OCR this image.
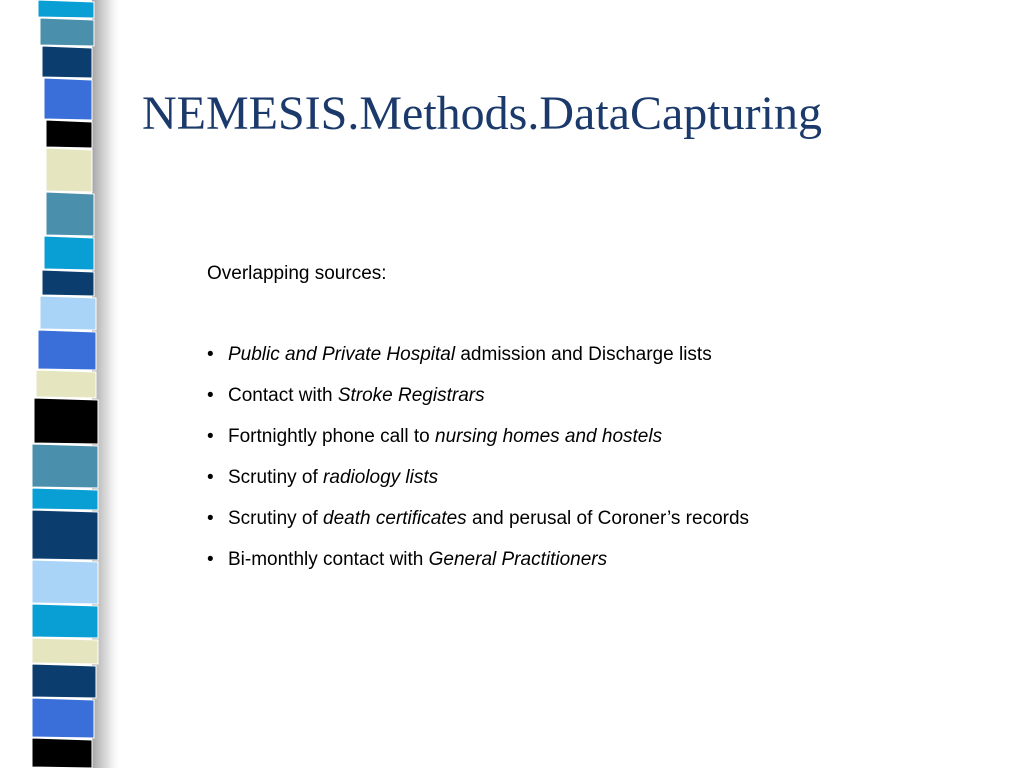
NEMESIS.Methods.DataCapturing

Overlapping sources:

• Public and Private Hospital admission and Discharge lists
• Contact with Stroke Registrars
• Fortnightly phone call to nursing homes and hostels
• Scrutiny of radiology lists
• Scrutiny of death certificates and perusal of Coroner’s records
• Bi-monthly contact with General Practitioners
